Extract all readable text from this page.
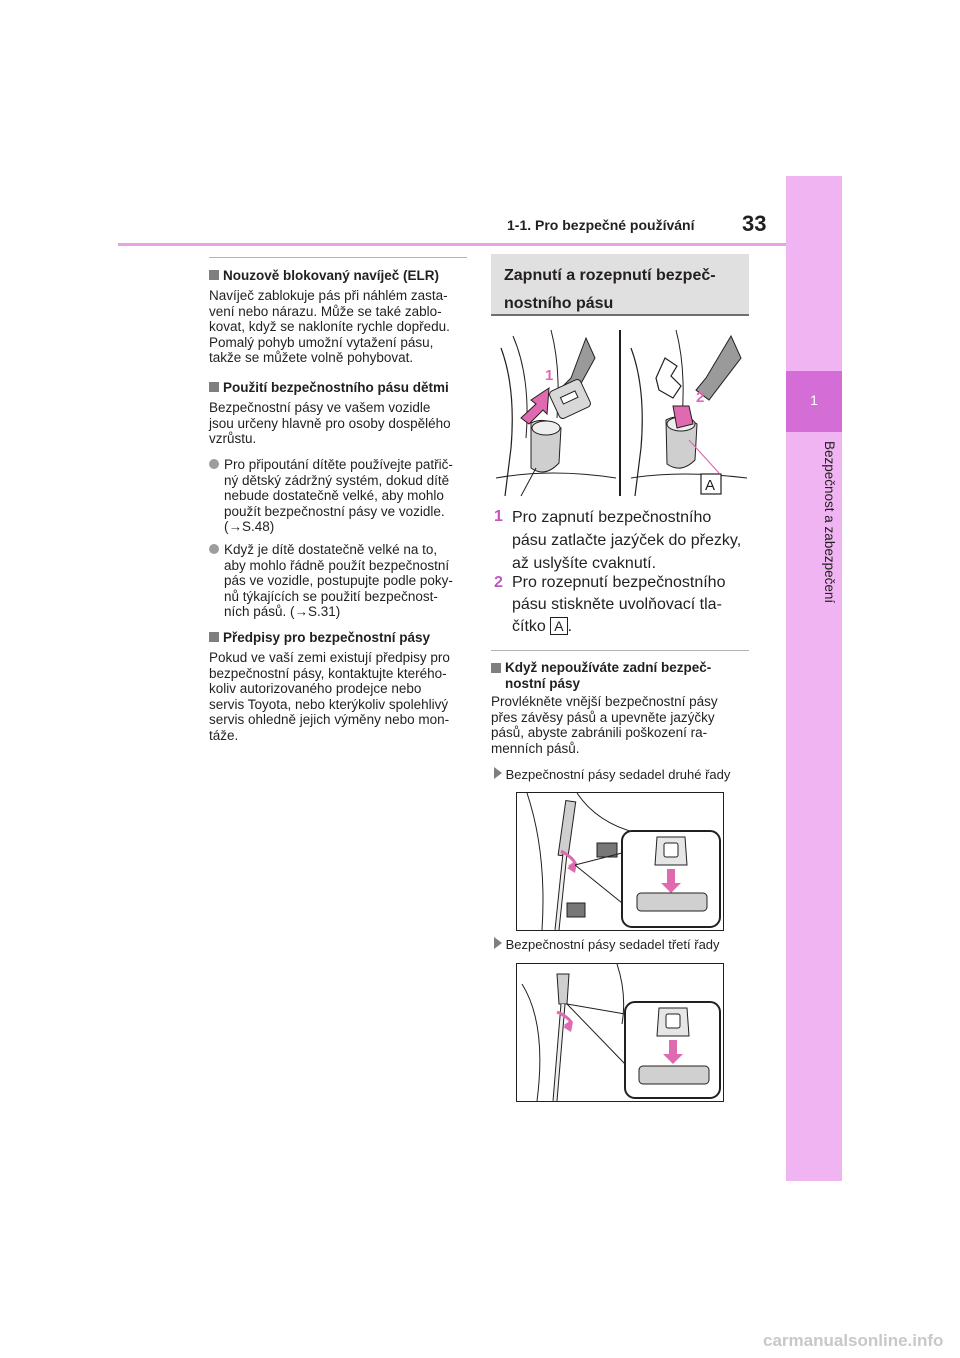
1-1. Pro bezpečné používání 33
1
Bezpečnost a zabezpečení
Nouzově blokovaný navíječ (ELR)
Navíječ zablokuje pás při náhlém zasta-
vení nebo nárazu. Může se také zablo-
kovat, když se nakloníte rychle dopředu.
Pomalý pohyb umožní vytažení pásu,
takže se můžete volně pohybovat.
Použití bezpečnostního pásu dětmi
Bezpečnostní pásy ve vašem vozidle
jsou určeny hlavně pro osoby dospělého
vzrůstu.
Pro připoutání dítěte používejte patřič-
ný dětský zádržný systém, dokud dítě
nebude dostatečně velké, aby mohlo
použít bezpečnostní pásy ve vozidle.
(→S.48)
Když je dítě dostatečně velké na to,
aby mohlo řádně použít bezpečnostní
pás ve vozidle, postupujte podle poky-
nů týkajících se použití bezpečnost-
ních pásů. (→S.31)
Předpisy pro bezpečnostní pásy
Pokud ve vaší zemi existují předpisy pro
bezpečnostní pásy, kontaktujte kterého-
koliv autorizovaného prodejce nebo
servis Toyota, nebo kterýkoliv spolehlivý
servis ohledně jejich výměny nebo mon-
táže.
Zapnutí a rozepnutí bezpeč-
nostního pásu
1
2
A
1 Pro zapnutí bezpečnostního
pásu zatlačte jazýček do přezky,
až uslyšíte cvaknutí.
2 Pro rozepnutí bezpečnostního
pásu stiskněte uvolňovací tla-
čítko A .
Když nepoužíváte zadní bezpeč-
nostní pásy
Provlékněte vnější bezpečnostní pásy
přes závěsy pásů a upevněte jazýčky
pásů, abyste zabránili poškození ra-
menních pásů.
Bezpečnostní pásy sedadel druhé řady
Bezpečnostní pásy sedadel třetí řady
carmanualsonline.info
